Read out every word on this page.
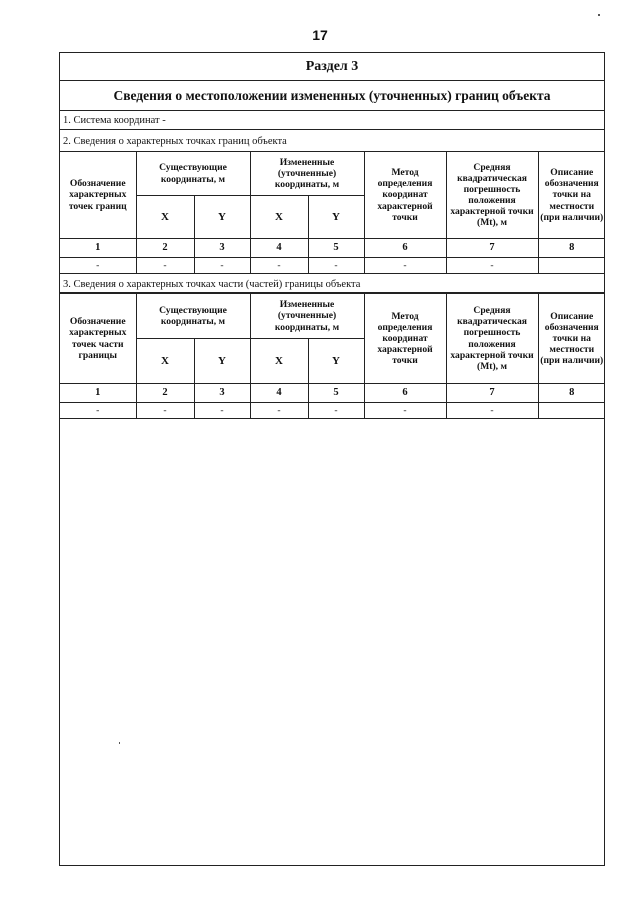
17
Раздел 3
Сведения о местоположении измененных (уточненных) границ объекта
1. Система координат -
2. Сведения о характерных точках границ объекта
Обозначение характерных точек границ	Существующие координаты, м		Измененные (уточненные) координаты, м		Метод определения координат характерной точки	Средняя квадратическая погрешность положения характерной точки (Mt), м	Описание обозначения точки на местности (при наличии)
	X	Y	X	Y			
1	2	3	4	5	6	7	8
-	-	-	-	-	-	-	
3. Сведения о характерных точках части (частей) границы объекта
Обозначение характерных точек части границы	Существующие координаты, м		Измененные (уточненные) координаты, м		Метод определения координат характерной точки	Средняя квадратическая погрешность положения характерной точки (Mt), м	Описание обозначения точки на местности (при наличии)
	X	Y	X	Y			
1	2	3	4	5	6	7	8
-	-	-	-	-	-	-	
